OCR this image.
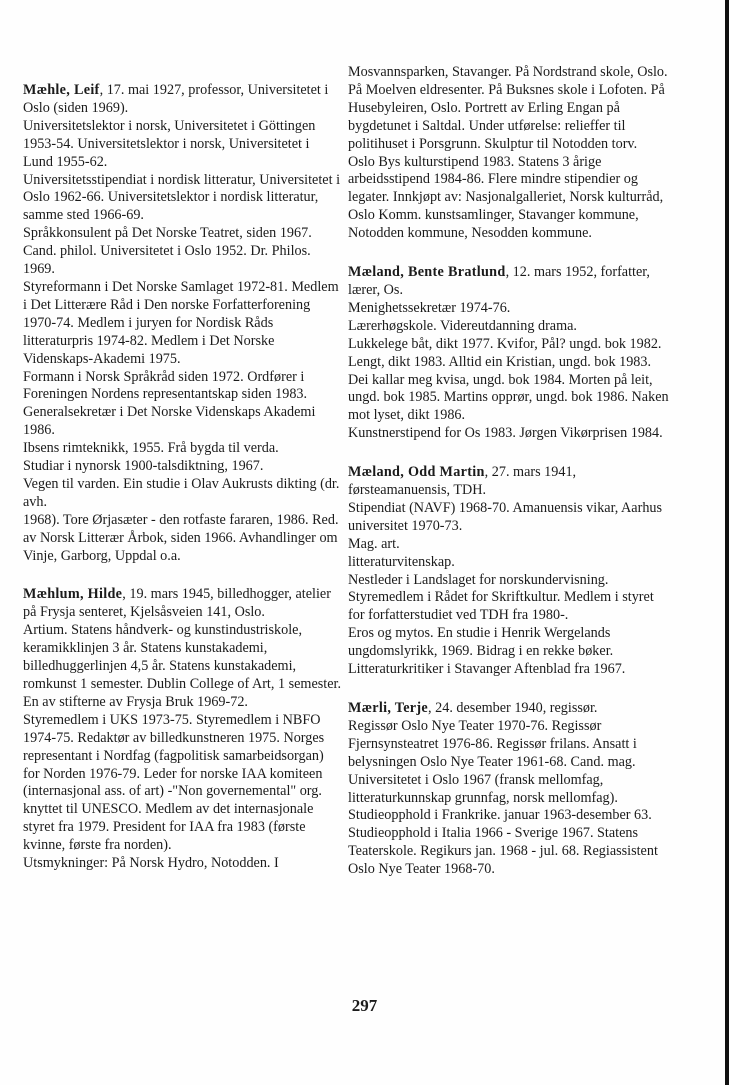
Mæhle, Leif, 17. mai 1927, professor, Universitetet i Oslo (siden 1969).

Universitetslektor i norsk, Universitetet i Göttingen 1953-54. Universitetslektor i norsk, Universitetet i Lund 1955-62.

Universitetsstipendiat i nordisk litteratur, Universitetet i Oslo 1962-66. Universitetslektor i nordisk litteratur, samme sted 1966-69.

Språkkonsulent på Det Norske Teatret, siden 1967.

Cand. philol. Universitetet i Oslo 1952. Dr. Philos. 1969.

Styreformann i Det Norske Samlaget 1972-81. Medlem i Det Litterære Råd i Den norske Forfatterforening 1970-74. Medlem i juryen for Nordisk Råds litteraturpris 1974-82. Medlem i Det Norske Videnskaps-Akademi 1975.

Formann i Norsk Språkråd siden 1972. Ordfører i Foreningen Nordens representantskap siden 1983. Generalsekretær i Det Norske Videnskaps Akademi 1986.

Ibsens rimteknikk, 1955. Frå bygda til verda.

Studiar i nynorsk 1900-talsdiktning, 1967.

Vegen til varden. Ein studie i Olav Aukrusts dikting (dr. avh.

1968). Tore Ørjasæter - den rotfaste fararen, 1986. Red. av Norsk Litterær Årbok, siden 1966. Avhandlinger om Vinje, Garborg, Uppdal o.a.

Mæhlum, Hilde, 19. mars 1945, billedhogger, atelier på Frysja senteret, Kjelsåsveien 141, Oslo.

Artium. Statens håndverk- og kunstindustriskole, keramikklinjen 3 år. Statens kunstakademi, billedhuggerlinjen 4,5 år. Statens kunstakademi, romkunst 1 semester. Dublin College of Art, 1 semester.

En av stifterne av Frysja Bruk 1969-72.

Styremedlem i UKS 1973-75. Styremedlem i NBFO 1974-75. Redaktør av billedkunstneren 1975. Norges representant i Nordfag (fagpolitisk samarbeidsorgan) for Norden 1976-79. Leder for norske IAA komiteen (internasjonal ass. of art) -"Non governemental" org. knyttet til UNESCO. Medlem av det internasjonale styret fra 1979. President for IAA fra 1983 (første kvinne, første fra norden).

Utsmykninger: På Norsk Hydro, Notodden. I

Mosvannsparken, Stavanger. På Nordstrand skole, Oslo. På Moelven eldresenter. På Buksnes skole i Lofoten. På Husebyleiren, Oslo. Portrett av Erling Engan på bygdetunet i Saltdal. Under utførelse: relieffer til politihuset i Porsgrunn. Skulptur til Notodden torv.

Oslo Bys kulturstipend 1983. Statens 3 årige arbeidsstipend 1984-86. Flere mindre stipendier og legater. Innkjøpt av: Nasjonalgalleriet, Norsk kulturråd, Oslo Komm. kunstsamlinger, Stavanger kommune, Notodden kommune, Nesodden kommune.

Mæland, Bente Bratlund, 12. mars 1952, forfatter, lærer, Os.

Menighetssekretær 1974-76.

Lærerhøgskole. Videreutdanning drama.

Lukkelege båt, dikt 1977. Kvifor, Pål? ungd. bok 1982. Lengt, dikt 1983. Alltid ein Kristian, ungd. bok 1983. Dei kallar meg kvisa, ungd. bok 1984. Morten på leit, ungd. bok 1985. Martins opprør, ungd. bok 1986. Naken mot lyset, dikt 1986.

Kunstnerstipend for Os 1983. Jørgen Vikørprisen 1984.

Mæland, Odd Martin, 27. mars 1941, førsteamanuensis, TDH.

Stipendiat (NAVF) 1968-70. Amanuensis vikar, Aarhus universitet 1970-73.

Mag. art.

litteraturvitenskap.

Nestleder i Landslaget for norskundervisning. Styremedlem i Rådet for Skriftkultur. Medlem i styret for forfatterstudiet ved TDH fra 1980-.

Eros og mytos. En studie i Henrik Wergelands ungdomslyrikk, 1969. Bidrag i en rekke bøker. Litteraturkritiker i Stavanger Aftenblad fra 1967.

Mærli, Terje, 24. desember 1940, regissør.

Regissør Oslo Nye Teater 1970-76. Regissør Fjernsynsteatret 1976-86. Regissør frilans. Ansatt i belysningen Oslo Nye Teater 1961-68. Cand. mag. Universitetet i Oslo 1967 (fransk mellomfag, litteraturkunnskap grunnfag, norsk mellomfag). Studieopphold i Frankrike. januar 1963-desember 63. Studieopphold i Italia 1966 - Sverige 1967. Statens Teaterskole. Regikurs jan. 1968 - jul. 68. Regiassistent Oslo Nye Teater 1968-70.

297
